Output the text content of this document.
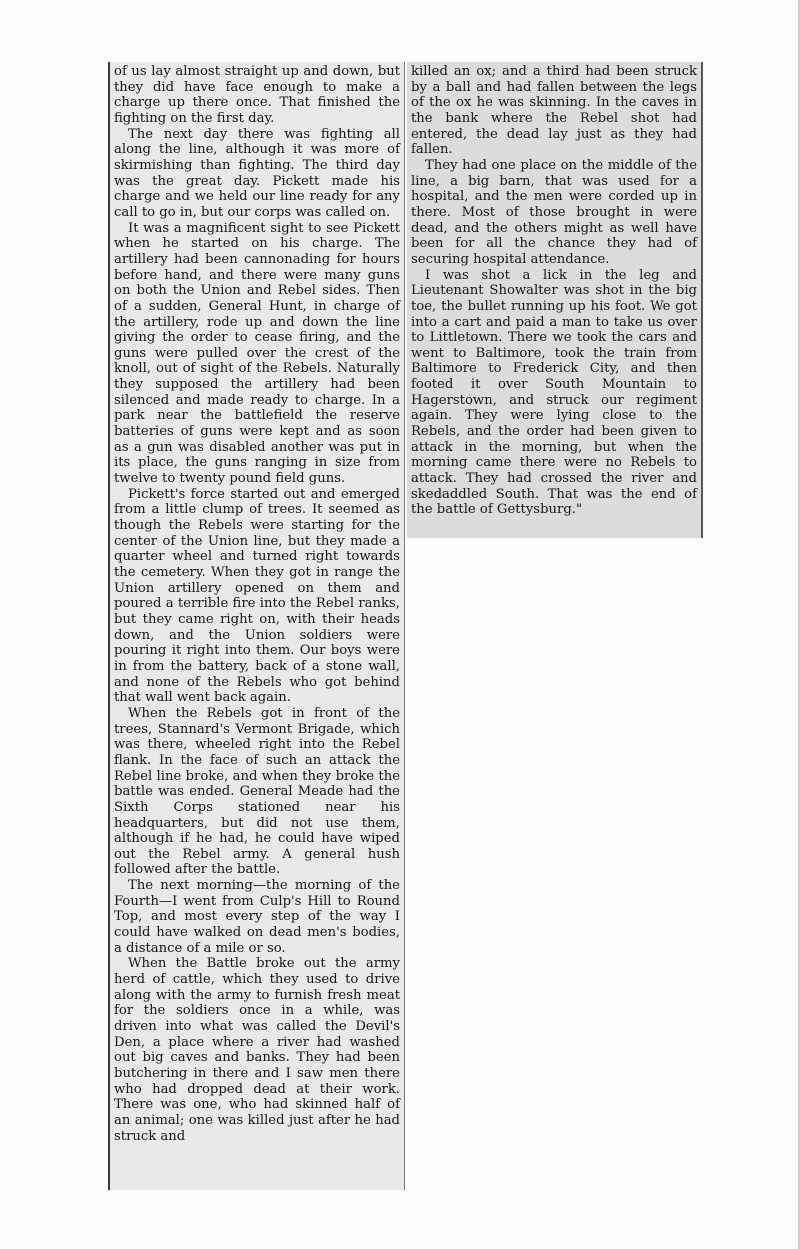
of us lay almost straight up and down, but they did have face enough to make a charge up there once. That finished the fighting on the first day.

The next day there was fighting all along the line, although it was more of skirmishing than fighting. The third day was the great day. Pickett made his charge and we held our line ready for any call to go in, but our corps was called on.

It was a magnificent sight to see Pickett when he started on his charge. The artillery had been cannonading for hours before hand, and there were many guns on both the Union and Rebel sides. Then of a sudden, General Hunt, in charge of the artillery, rode up and down the line giving the order to cease firing, and the guns were pulled over the crest of the knoll, out of sight of the Rebels. Naturally they supposed the artillery had been silenced and made ready to charge. In a park near the battlefield the reserve batteries of guns were kept and as soon as a gun was disabled another was put in its place, the guns ranging in size from twelve to twenty pound field guns.

Pickett's force started out and emerged from a little clump of trees. It seemed as though the Rebels were starting for the center of the Union line, but they made a quarter wheel and turned right towards the cemetery. When they got in range the Union artillery opened on them and poured a terrible fire into the Rebel ranks, but they came right on, with their heads down, and the Union soldiers were pouring it right into them. Our boys were in from the battery, back of a stone wall, and none of the Rebels who got behind that wall went back again.

When the Rebels got in front of the trees, Stannard's Vermont Brigade, which was there, wheeled right into the Rebel flank. In the face of such an attack the Rebel line broke, and when they broke the battle was ended. General Meade had the Sixth Corps stationed near his headquarters, but did not use them, although if he had, he could have wiped out the Rebel army. A general hush followed after the battle.

The next morning—the morning of the Fourth—I went from Culp's Hill to Round Top, and most every step of the way I could have walked on dead men's bodies, a distance of a mile or so.

When the Battle broke out the army herd of cattle, which they used to drive along with the army to furnish fresh meat for the soldiers once in a while, was driven into what was called the Devil's Den, a place where a river had washed out big caves and banks. They had been butchering in there and I saw men there who had dropped dead at their work. There was one, who had skinned half of an animal; one was killed just after he had struck and

killed an ox; and a third had been struck by a ball and had fallen between the legs of the ox he was skinning. In the caves in the bank where the Rebel shot had entered, the dead lay just as they had fallen.

They had one place on the middle of the line, a big barn, that was used for a hospital, and the men were corded up in there. Most of those brought in were dead, and the others might as well have been for all the chance they had of securing hospital attendance.

I was shot a lick in the leg and Lieutenant Showalter was shot in the big toe, the bullet running up his foot. We got into a cart and paid a man to take us over to Littletown. There we took the cars and went to Baltimore, took the train from Baltimore to Frederick City, and then footed it over South Mountain to Hagerstown, and struck our regiment again. They were lying close to the Rebels, and the order had been given to attack in the morning, but when the morning came there were no Rebels to attack. They had crossed the river and skedaddled South. That was the end of the battle of Gettysburg."
